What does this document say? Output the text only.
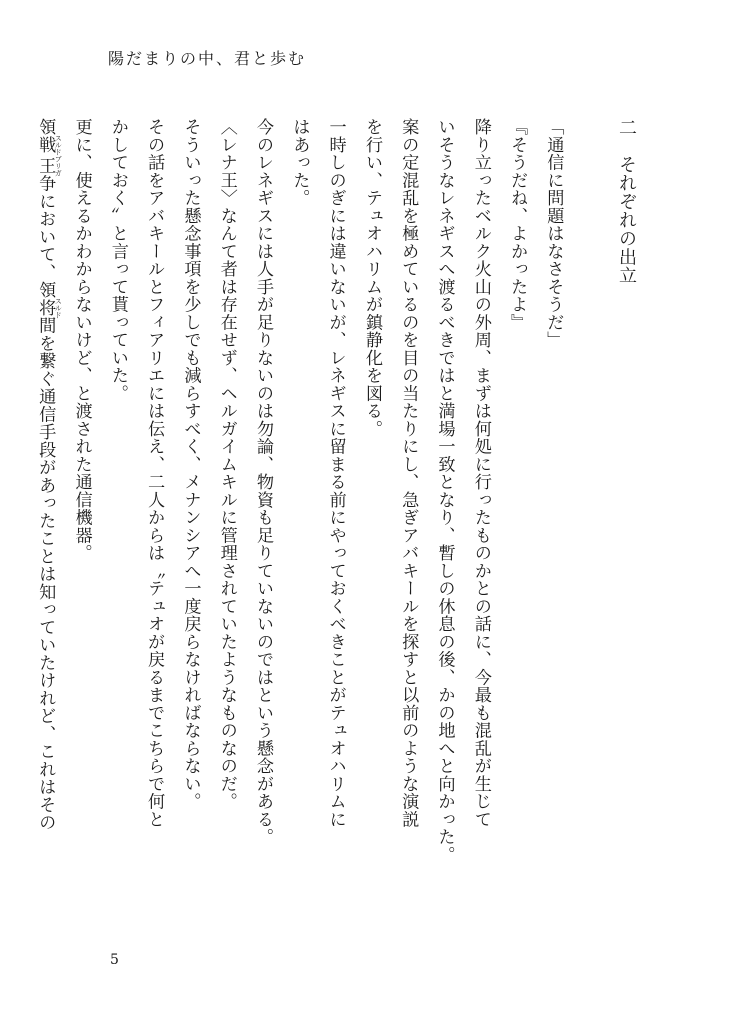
陽だまりの中、君と歩む

二　それぞれの出立

「通信に問題はなさそうだ」

『そうだね、よかったよ』

降り立ったベルク火山の外周、まずは何処に行ったものかとの話に、今最も混乱が生じて

いそうなレネギスへ渡るべきではと満場一致となり、暫しの休息の後、かの地へと向かった。

案の定混乱を極めているのを目の当たりにし、急ぎアバキールを探すと以前のような演説

を行い、テュオハリムが鎮静化を図る。

一時しのぎには違いないが、レネギスに留まる前にやっておくべきことがテュオハリムに

はあった。

今のレネギスには人手が足りないのは勿論、物資も足りていないのではという懸念がある。

〈レナ王〉なんて者は存在せず、ヘルガイムキルに管理されていたようなものなのだ。

そういった懸念事項を少しでも減らすべく、メナンシアへ一度戻らなければならない。

その話をアバキールとフィアリエには伝え、二人からは〝テュオが戻るまでこちらで何と

かしておく〟と言って貰っていた。

更に、使えるかわからないけど、と渡された通信機器。

領戦王 スルドブリガ争において、領将 スルド間を繋ぐ通信手段があったことは知っていたけれど、これはその

5
